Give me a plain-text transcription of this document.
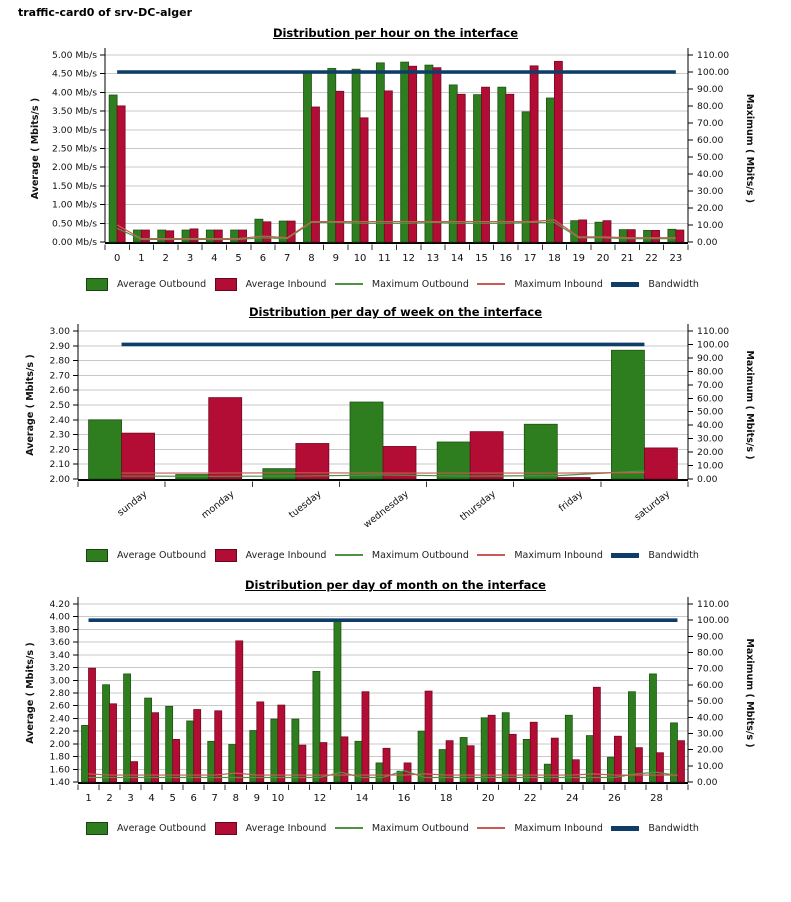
traffic-card0 of srv-DC-alger
Distribution per hour on the interface
0.00 Mb/s
0.50 Mb/s
1.00 Mb/s
1.50 Mb/s
2.00 Mb/s
2.50 Mb/s
3.00 Mb/s
3.50 Mb/s
4.00 Mb/s
4.50 Mb/s
5.00 Mb/s
0.00
10.00
20.00
30.00
40.00
50.00
60.00
70.00
80.00
90.00
100.00
110.00
0 1 2 3 4 5 6 7 8 9 10 11 12 13 14 15 16 17 18 19 20 21 22 23
Average ( Mbits/s )	Maximum ( Mbits/s )
Average Outbound	Average Inbound	Maximum Outbound	Maximum Inbound	Bandwidth
Distribution per day of week on the interface
2.00
2.10
2.20
2.30
2.40
2.50
2.60
2.70
2.80
2.90
3.00
0.00
10.00
20.00
30.00
40.00
50.00
60.00
70.00
80.00
90.00
100.00
110.00
sunday	monday	tuesday	wednesday	thursday	friday	saturday
Average ( Mbits/s )	Maximum ( Mbits/s )
Average Outbound	Average Inbound	Maximum Outbound	Maximum Inbound	Bandwidth
Distribution per day of month on the interface
1.40
1.60
1.80
2.00
2.20
2.40
2.60
2.80
3.00
3.20
3.40
3.60
3.80
4.00
4.20
0.00
10.00
20.00
30.00
40.00
50.00
60.00
70.00
80.00
90.00
100.00
110.00
1 2 3 4 5 6 7 8 9 10	12	14	16	18	20	22	24	26	28
Average ( Mbits/s )	Maximum ( Mbits/s )
Average Outbound	Average Inbound	Maximum Outbound	Maximum Inbound	Bandwidth
